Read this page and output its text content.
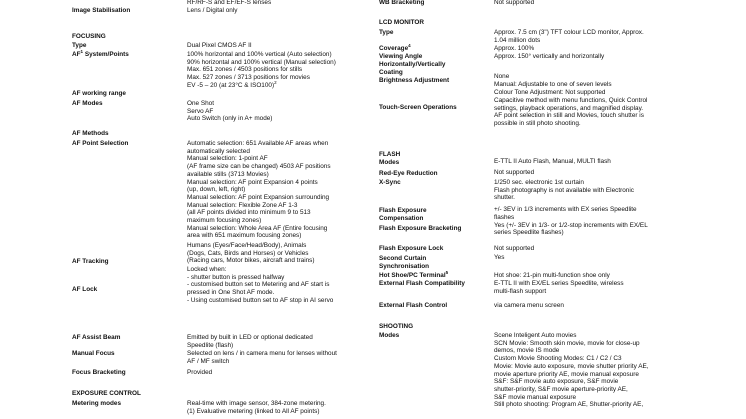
Image Stabilisation
FOCUSING
Type
$AF^1$ System/Points
AF working range
AF Modes
AF Methods
AF Point Selection
AF Tracking
AF Lock
AF Assist Beam
Manual Focus
Focus Bracketing
EXPOSURE CONTROL
Metering modes
RF/RF-S and EF/EF-S lenses
Lens / Digital only
Dual Pixel CMOS AF II
100% horizontal and 100% vertical (Auto selection)
90% horizontal and 100% vertical (Manual selection)
Max. 651 zones / 4503 positions for stills
Max. 527 zones / 3713 positions for movies
EV -5 – 20 (at 23°C & ISO100)$^2$
One Shot
Servo AF
Auto Switch (only in A+ mode)
Automatic selection: 651 Available AF areas when
automatically selected
Manual selection: 1-point AF
(AF frame size can be changed) 4503 AF positions
available stills (3713 Movies)
Manual selection: AF point Expansion 4 points
(up, down, left, right)
Manual selection: AF point Expansion surrounding
Manual selection: Flexible Zone AF 1-3
(all AF points divided into minimum 9 to 513
maximum focusing zones)
Manual selection: Whole Area AF (Entire focusing
area with 651 maximum focusing zones)
Humans (Eyes/Face/Head/Body), Animals
(Dogs, Cats, Birds and Horses) or Vehicles
(Racing cars, Motor bikes, aircraft and trains)
Locked when:
- shutter button is pressed halfway
- customised button set to Metering and AF start is
pressed in One Shot AF mode.
- Using customised button set to AF stop in AI servo
Emitted by built in LED or optional dedicated
Speedlite (flash)
Selected on lens / in camera menu for lenses without
AF / MF switch
Provided
Real-time with image sensor, 384-zone metering.
(1) Evaluative metering (linked to All AF points)
WB Bracketing
LCD MONITOR
Type
Coverage$^4$
Viewing Angle
Horizontally/Vertically
Coating
Brightness Adjustment
Touch-Screen Operations
FLASH
Modes
Red-Eye Reduction
X-Sync
Flash Exposure
Compensation
Flash Exposure Bracketing
Flash Exposure Lock
Second Curtain
Synchronisation
Hot Shoe/PC Terminal$^5$
External Flash Compatibility
External Flash Control
SHOOTING
Modes
Not supported
Approx. 7.5 cm (3") TFT colour LCD monitor, Approx.
1.04 million dots
Approx. 100%
Approx. 150° vertically and horizontally
None
Manual: Adjustable to one of seven levels
Colour Tone Adjustment: Not supported
Capacitive method with menu functions, Quick Control
settings, playback operations, and magnified display.
AF point selection in still and Movies, touch shutter is
possible in still photo shooting.
E-TTL II Auto Flash, Manual, MULTI flash
Not supported
1/250 sec. electronic 1st curtain
Flash photography is not available with Electronic
shutter.
+/- 3EV in 1/3 increments with EX series Speedlite
flashes
Yes (+/- 3EV in 1/3- or 1/2-stop increments with EX/EL
series Speedlite flashes)
Not supported
Yes
Hot shoe: 21-pin multi-function shoe only
E-TTL II with EX/EL series Speedlite, wireless
multi-flash support
via camera menu screen
Scene Inteligent Auto movies
SCN Movie: Smooth skin movie, movie for close-up
demos, movie IS mode
Custom Movie Shooting Modes: C1 / C2 / C3
Movie: Movie auto exposure, movie shutter priority AE,
movie aperture priority AE, movie manual exposure
S&F: S&F movie auto exposure, S&F movie
shutter-priority, S&F movie aperture-priority AE,
S&F movie manual exposure
Still photo shooting: Program AE, Shutter-priority AE,
